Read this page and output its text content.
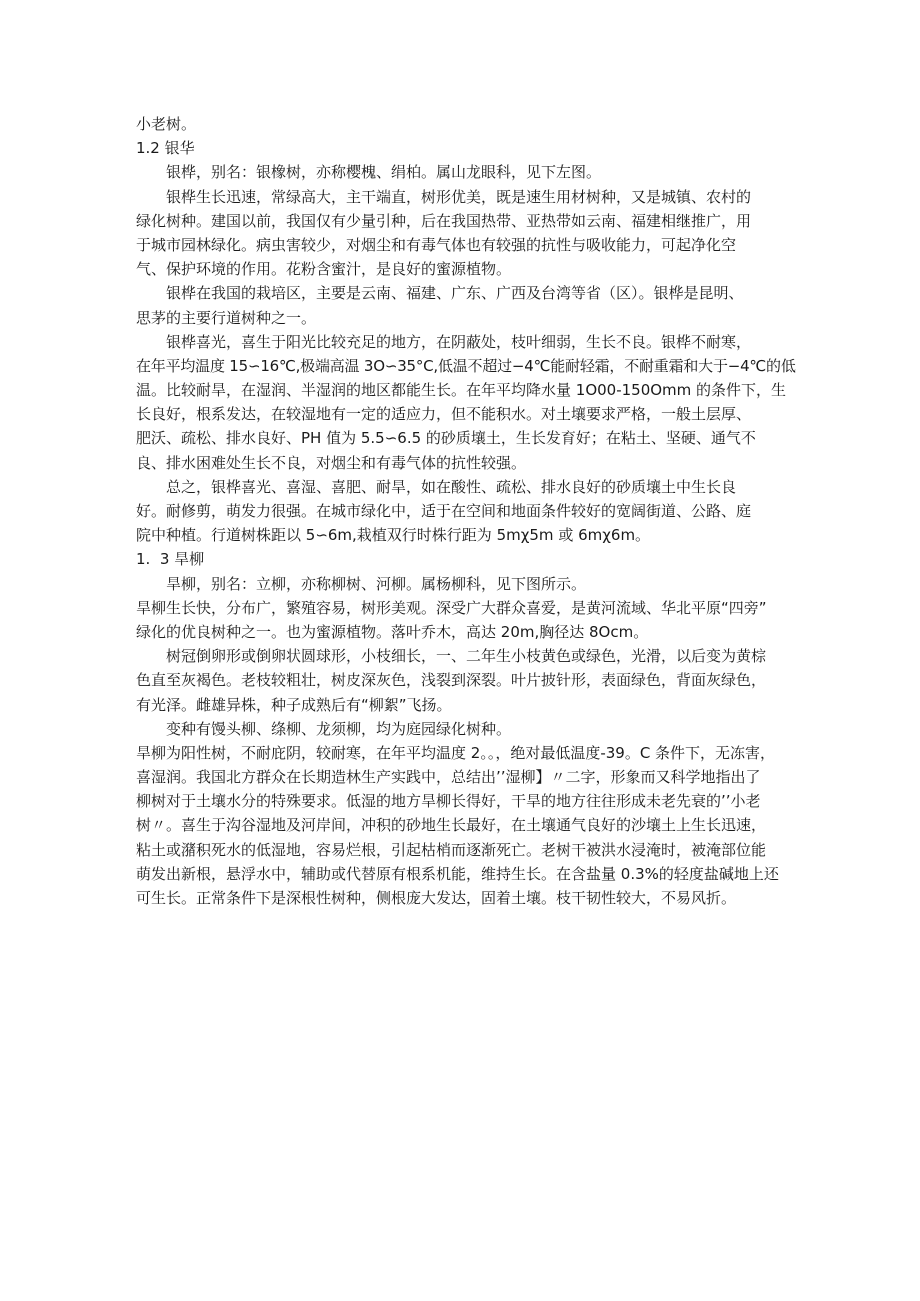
小老树。
1.2 银华
银桦，别名：银橡树，亦称樱槐、绢柏。属山龙眼科，见下左图。
银桦生长迅速，常绿高大，主干端直，树形优美，既是速生用材树种，又是城镇、农村的
绿化树种。建国以前，我国仅有少量引种，后在我国热带、亚热带如云南、福建相继推广，用
于城市园林绿化。病虫害较少，对烟尘和有毒气体也有较强的抗性与吸收能力，可起净化空
气、保护环境的作用。花粉含蜜汁，是良好的蜜源植物。
银桦在我国的栽培区，主要是云南、福建、广东、广西及台湾等省（区）。银桦是昆明、
思茅的主要行道树种之一。
银桦喜光，喜生于阳光比较充足的地方，在阴蔽处，枝叶细弱，生长不良。银桦不耐寒，
在年平均温度 15∽16℃,极端高温 3O∽35°C,低温不超过−4℃能耐轻霜，不耐重霜和大于−4℃的低
温。比较耐旱，在湿润、半湿润的地区都能生长。在年平均降水量 1O00-150Omm 的条件下，生
长良好，根系发达，在较湿地有一定的适应力，但不能积水。对土壤要求严格，一般土层厚、
肥沃、疏松、排水良好、PH 值为 5.5∽6.5 的砂质壤土，生长发育好；在粘土、坚硬、通气不
良、排水困难处生长不良，对烟尘和有毒气体的抗性较强。
总之，银桦喜光、喜湿、喜肥、耐旱，如在酸性、疏松、排水良好的砂质壤土中生长良
好。耐修剪，萌发力很强。在城市绿化中，适于在空间和地面条件较好的宽阔街道、公路、庭
院中种植。行道树株距以 5∽6m,栽植双行时株行距为 5mχ5m 或 6mχ6m。
1.  3 旱柳
旱柳，别名：立柳，亦称柳树、河柳。属杨柳科，见下图所示。
旱柳生长快，分布广，繁殖容易，树形美观。深受广大群众喜爱，是黄河流域、华北平原“四旁”
绿化的优良树种之一。也为蜜源植物。落叶乔木，高达 20m,胸径达 8Ocm。
树冠倒卵形或倒卵状圆球形，小枝细长，一、二年生小枝黄色或绿色，光滑，以后变为黄棕
色直至灰褐色。老枝较粗壮，树皮深灰色，浅裂到深裂。叶片披针形，表面绿色，背面灰绿色，
有光泽。雌雄异株，种子成熟后有“柳絮”飞扬。
变种有馒头柳、绦柳、龙须柳，均为庭园绿化树种。
旱柳为阳性树，不耐庇阴，较耐寒，在年平均温度 2。。，绝对最低温度-39。C 条件下，无冻害，
喜湿润。我国北方群众在长期造林生产实践中，总结出’’湿柳】〃二字，形象而又科学地指出了
柳树对于土壤水分的特殊要求。低湿的地方旱柳长得好，干旱的地方往往形成未老先衰的’’小老
树〃。喜生于沟谷湿地及河岸间，冲积的砂地生长最好，在土壤通气良好的沙壤土上生长迅速，
粘土或潴积死水的低湿地，容易烂根，引起枯梢而逐渐死亡。老树干被洪水浸淹时，被淹部位能
萌发出新根，悬浮水中，辅助或代替原有根系机能，维持生长。在含盐量 0.3%的轻度盐碱地上还
可生长。正常条件下是深根性树种，侧根庞大发达，固着土壤。枝干韧性较大，不易风折。
